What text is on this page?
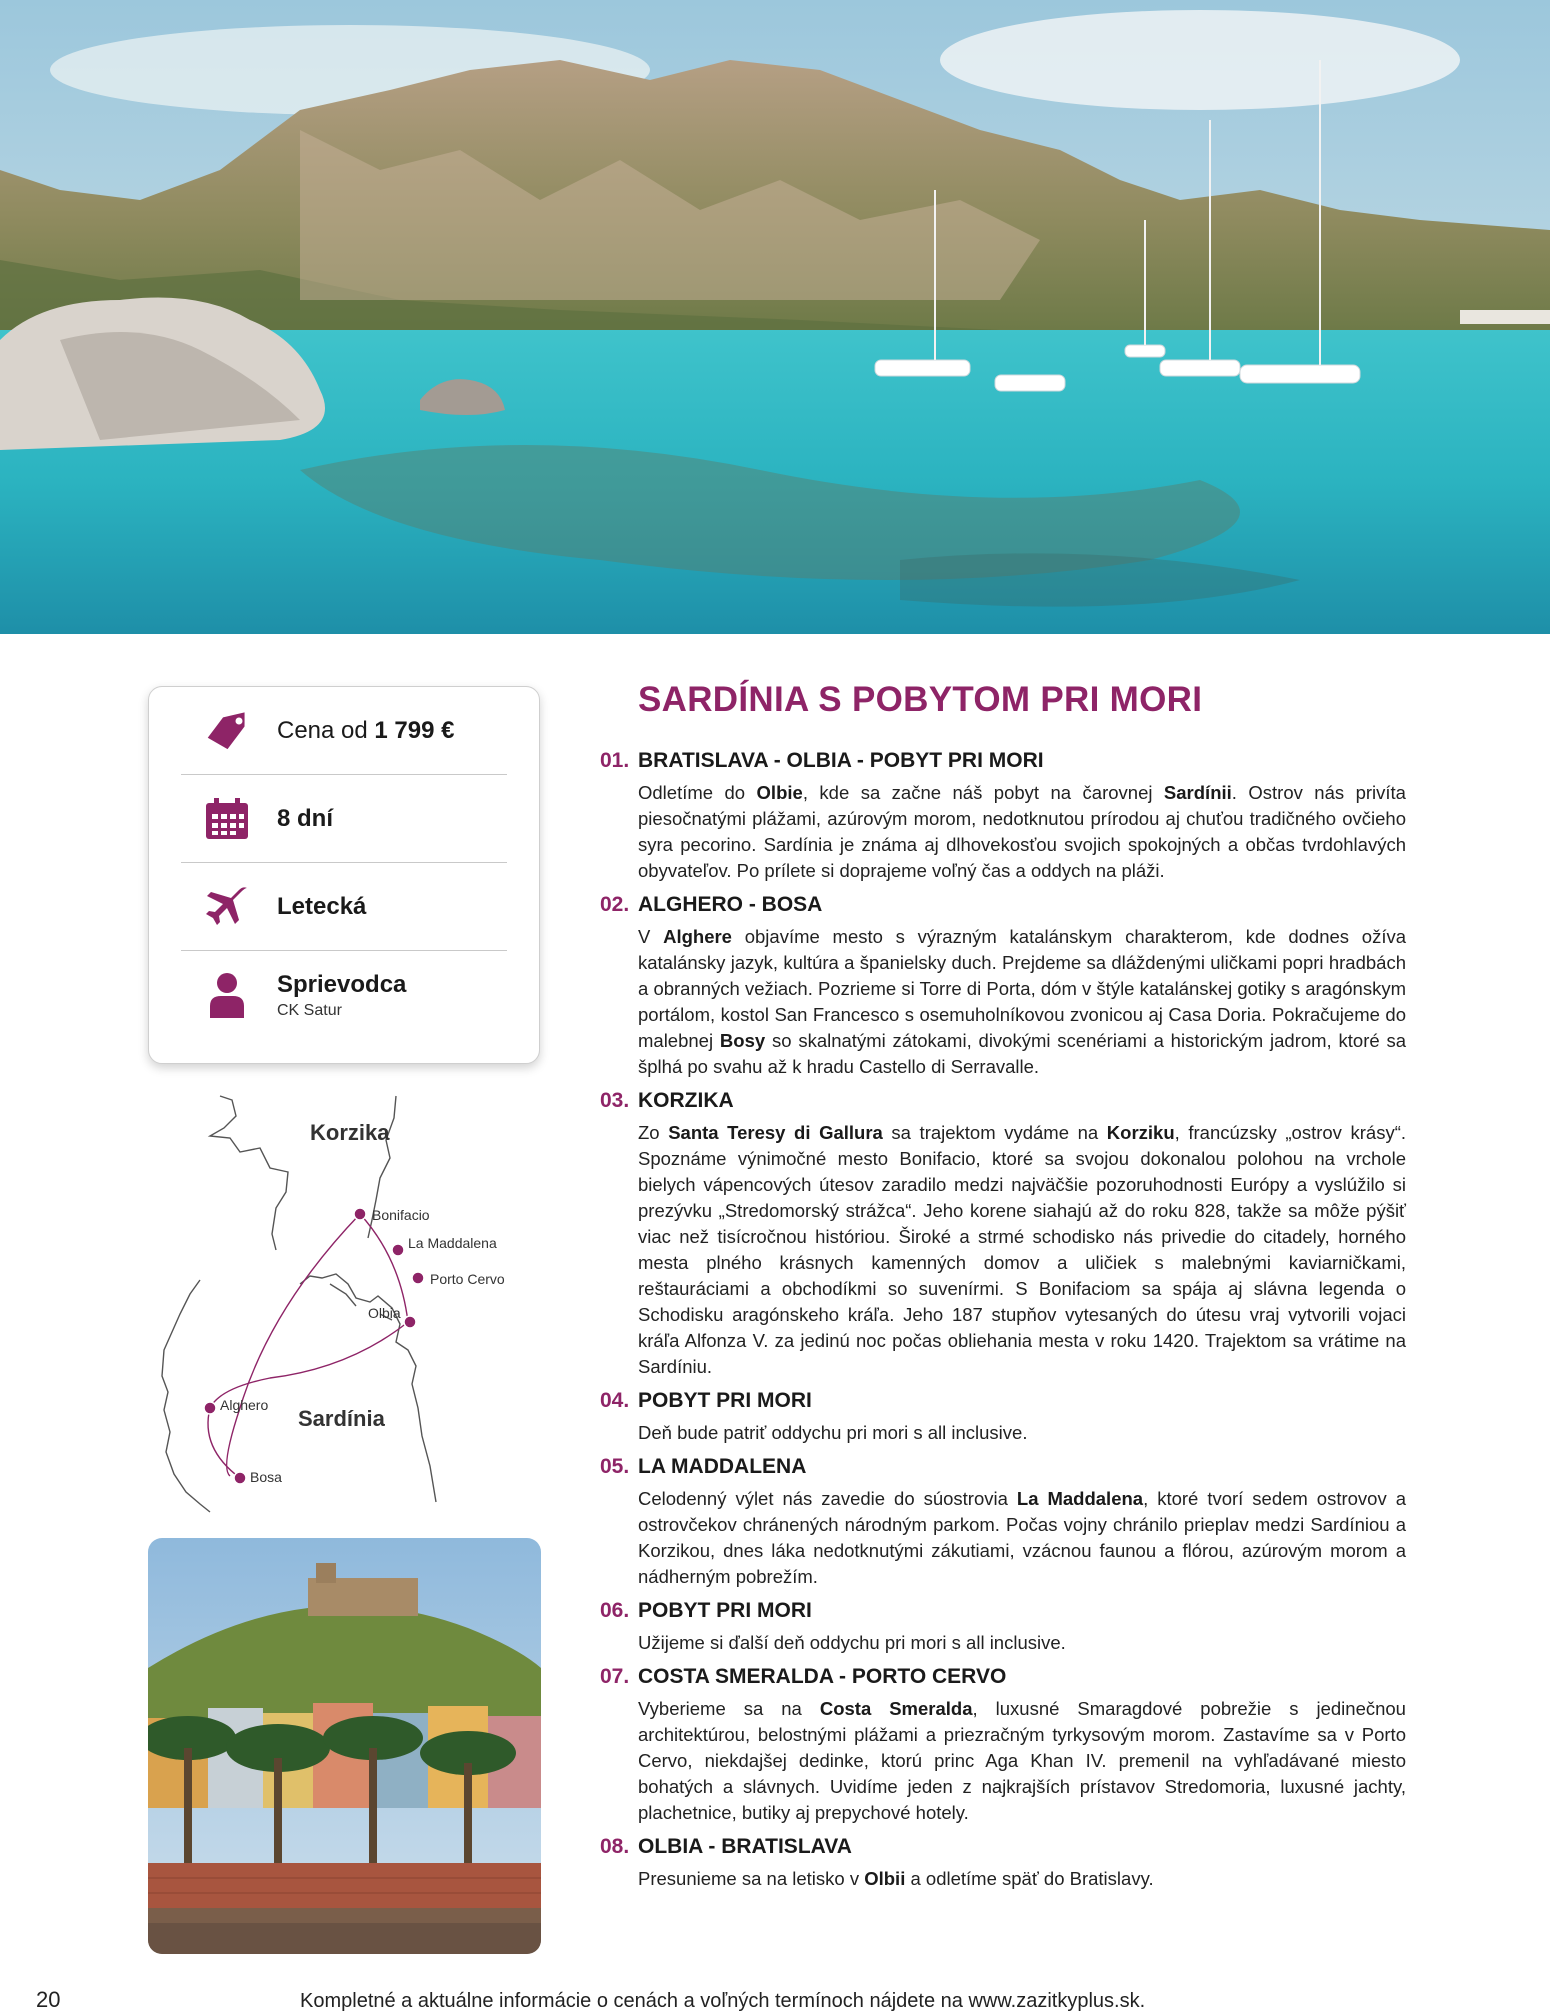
Cena od 1 799 €
8 dní
Letecká
Sprievodca
CK Satur
Korzika
Sardínia
Bonifacio
La Maddalena
Porto Cervo
Olbia
Alghero
Bosa
SARDÍNIA S POBYTOM PRI MORI
01. BRATISLAVA - OLBIA - POBYT PRI MORI
Odletíme do Olbie, kde sa začne náš pobyt na čarovnej Sardínii. Ostrov nás privíta piesočnatými plážami, azúrovým morom, nedotknutou prírodou aj chuťou tradičného ovčieho syra pecorino. Sardínia je známa aj dlhovekosťou svojich spokojných a občas tvrdohlavých obyvateľov. Po prílete si doprajeme voľný čas a oddych na pláži.
02. ALGHERO - BOSA
V Alghere objavíme mesto s výrazným katalánskym charakterom, kde dodnes ožíva katalánsky jazyk, kultúra a španielsky duch. Prejdeme sa dláždenými uličkami popri hradbách a obranných vežiach. Pozrieme si Torre di Porta, dóm v štýle katalánskej gotiky s aragónskym portálom, kostol San Francesco s osemuholníkovou zvonicou aj Casa Doria. Pokračujeme do malebnej Bosy so skalnatými zátokami, divokými scenériami a historickým jadrom, ktoré sa šplhá po svahu až k hradu Castello di Serravalle.
03. KORZIKA
Zo Santa Teresy di Gallura sa trajektom vydáme na Korziku, francúzsky „ostrov krásy“. Spoznáme výnimočné mesto Bonifacio, ktoré sa svojou dokonalou polohou na vrchole bielych vápencových útesov zaradilo medzi najväčšie pozoruhodnosti Európy a vyslúžilo si prezývku „Stredomorský strážca“. Jeho korene siahajú až do roku 828, takže sa môže pýšiť viac než tisícročnou históriou. Široké a strmé schodisko nás privedie do citadely, horného mesta plného krásnych kamenných domov a uličiek s malebnými kaviarničkami, reštauráciami a obchodíkmi so suvenírmi. S Bonifaciom sa spája aj slávna legenda o Schodisku aragónskeho kráľa. Jeho 187 stupňov vytesaných do útesu vraj vytvorili vojaci kráľa Alfonza V. za jedinú noc počas obliehania mesta v roku 1420. Trajektom sa vrátime na Sardíniu.
04. POBYT PRI MORI
Deň bude patriť oddychu pri mori s all inclusive.
05. LA MADDALENA
Celodenný výlet nás zavedie do súostrovia La Maddalena, ktoré tvorí sedem ostrovov a ostrovčekov chránených národným parkom. Počas vojny chránilo prieplav medzi Sardíniou a Korzikou, dnes láka nedotknutými zákutiami, vzácnou faunou a flórou, azúrovým morom a nádherným pobrežím.
06. POBYT PRI MORI
Užijeme si ďalší deň oddychu pri mori s all inclusive.
07. COSTA SMERALDA - PORTO CERVO
Vyberieme sa na Costa Smeralda, luxusné Smaragdové pobrežie s jedinečnou architektúrou, belostnými plážami a priezračným tyrkysovým morom. Zastavíme sa v Porto Cervo, niekdajšej dedinke, ktorú princ Aga Khan IV. premenil na vyhľadávané miesto bohatých a slávnych. Uvidíme jeden z najkrajších prístavov Stredomoria, luxusné jachty, plachetnice, butiky aj prepychové hotely.
08. OLBIA - BRATISLAVA
Presunieme sa na letisko v Olbii a odletíme späť do Bratislavy.
20	Kompletné a aktuálne informácie o cenách a voľných termínoch nájdete na www.zazitkyplus.sk.
